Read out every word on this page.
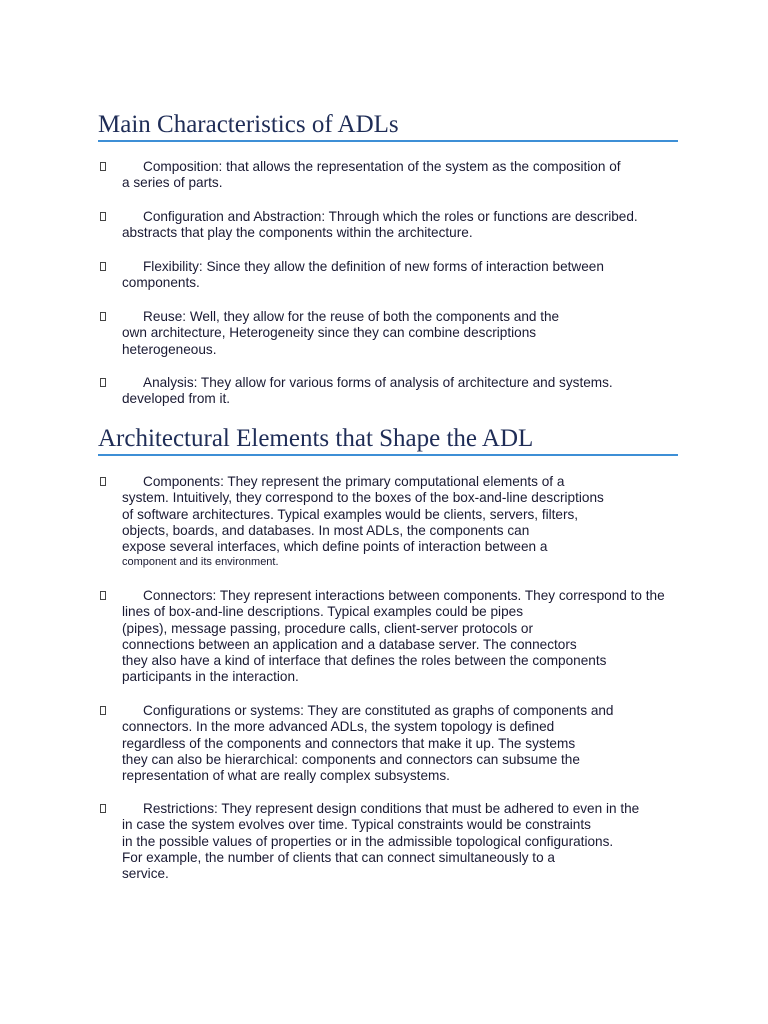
Main Characteristics of ADLs
Composition: that allows the representation of the system as the composition of
a series of parts.
Configuration and Abstraction: Through which the roles or functions are described.
abstracts that play the components within the architecture.
Flexibility: Since they allow the definition of new forms of interaction between
components.
Reuse: Well, they allow for the reuse of both the components and the
own architecture, Heterogeneity since they can combine descriptions
heterogeneous.
Analysis: They allow for various forms of analysis of architecture and systems.
developed from it.
Architectural Elements that Shape the ADL
Components: They represent the primary computational elements of a
system. Intuitively, they correspond to the boxes of the box-and-line descriptions
of software architectures. Typical examples would be clients, servers, filters,
objects, boards, and databases. In most ADLs, the components can
expose several interfaces, which define points of interaction between a
component and its environment.
Connectors: They represent interactions between components. They correspond to the
lines of box-and-line descriptions. Typical examples could be pipes
(pipes), message passing, procedure calls, client-server protocols or
connections between an application and a database server. The connectors
they also have a kind of interface that defines the roles between the components
participants in the interaction.
Configurations or systems: They are constituted as graphs of components and
connectors. In the more advanced ADLs, the system topology is defined
regardless of the components and connectors that make it up. The systems
they can also be hierarchical: components and connectors can subsume the
representation of what are really complex subsystems.
Restrictions: They represent design conditions that must be adhered to even in the
in case the system evolves over time. Typical constraints would be constraints
in the possible values of properties or in the admissible topological configurations.
For example, the number of clients that can connect simultaneously to a
service.
